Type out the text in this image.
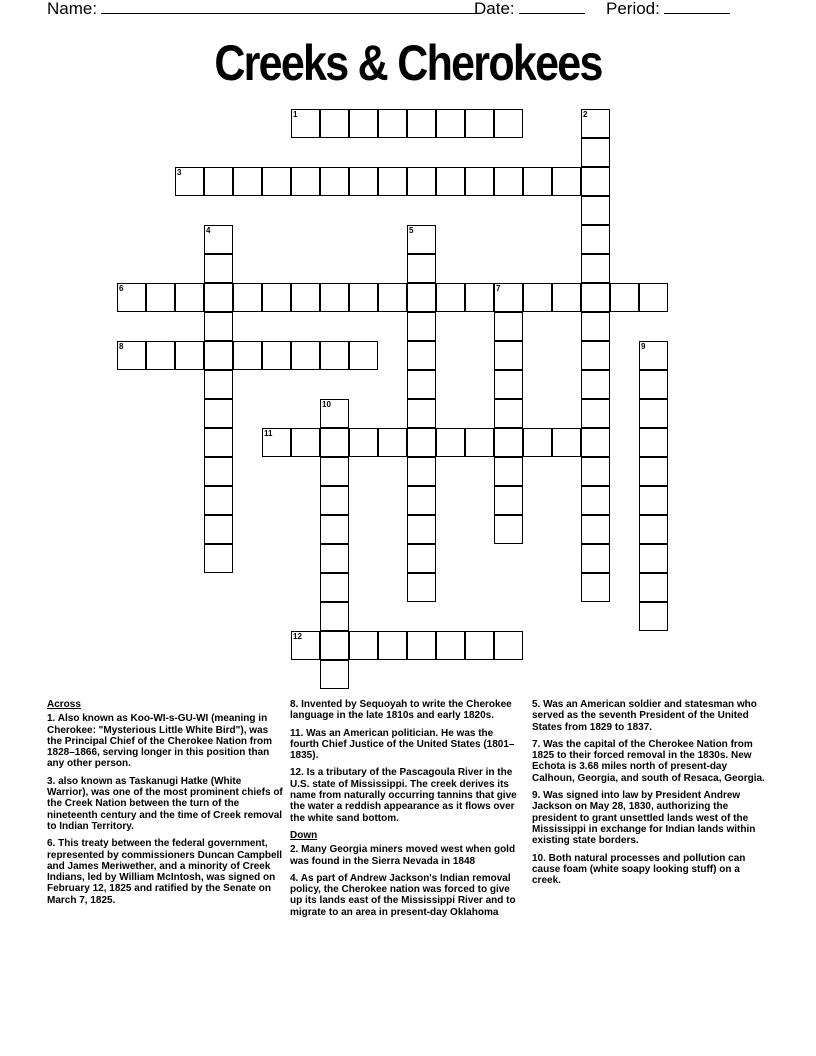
Name:	Date:	Period:
Creeks & Cherokees
1	2
3
4	5
6	7
8	9
10
11
12
Across
1. Also known as Koo-WI-s-GU-WI (meaning in Cherokee: "Mysterious Little White Bird"), was the Principal Chief of the Cherokee Nation from 1828–1866, serving longer in this position than any other person.
3. also known as Taskanugi Hatke (White Warrior), was one of the most prominent chiefs of the Creek Nation between the turn of the nineteenth century and the time of Creek removal to Indian Territory.
6. This treaty between the federal government, represented by commissioners Duncan Campbell and James Meriwether, and a minority of Creek Indians, led by William McIntosh, was signed on February 12, 1825 and ratified by the Senate on March 7, 1825.
8. Invented by Sequoyah to write the Cherokee language in the late 1810s and early 1820s.
11. Was an American politician. He was the fourth Chief Justice of the United States (1801–1835).
12. Is a tributary of the Pascagoula River in the U.S. state of Mississippi. The creek derives its name from naturally occurring tannins that give the water a reddish appearance as it flows over the white sand bottom.
Down
2. Many Georgia miners moved west when gold was found in the Sierra Nevada in 1848
4. As part of Andrew Jackson's Indian removal policy, the Cherokee nation was forced to give up its lands east of the Mississippi River and to migrate to an area in present-day Oklahoma
5. Was an American soldier and statesman who served as the seventh President of the United States from 1829 to 1837.
7. Was the capital of the Cherokee Nation from 1825 to their forced removal in the 1830s. New Echota is 3.68 miles north of present-day Calhoun, Georgia, and south of Resaca, Georgia.
9. Was signed into law by President Andrew Jackson on May 28, 1830, authorizing the president to grant unsettled lands west of the Mississippi in exchange for Indian lands within existing state borders.
10. Both natural processes and pollution can cause foam (white soapy looking stuff) on a creek.
